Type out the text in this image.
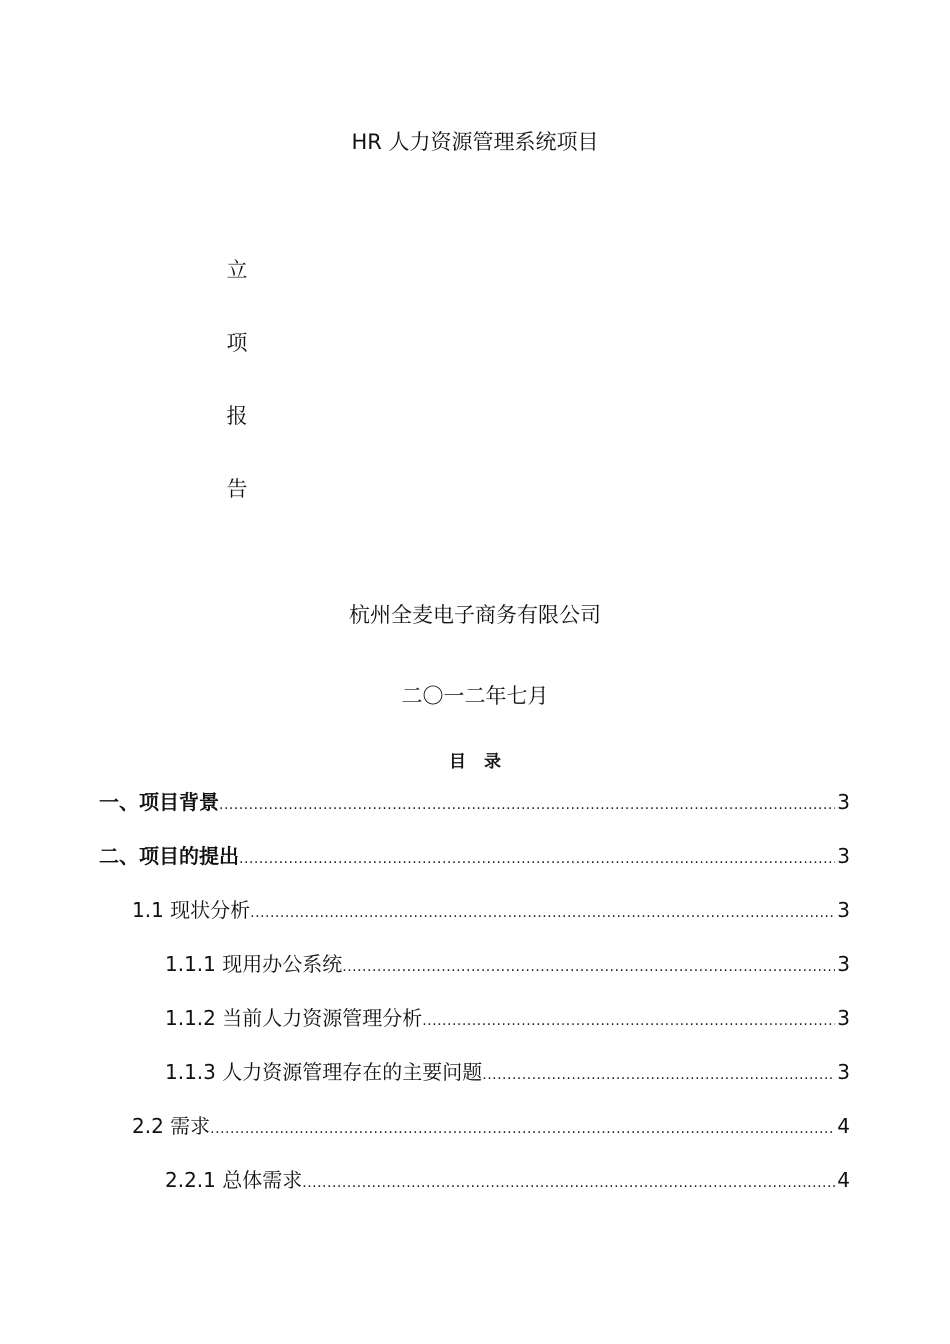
HR 人力资源管理系统项目
立
项
报
告
杭州全麦电子商务有限公司
二〇一二年七月
目录
一、项目背景 .....	3
二、项目的提出 .....	3
1.1 现状分析 .....	3
1.1.1 现用办公系统 .....	3
1.1.2 当前人力资源管理分析 .....	3
1.1.3 人力资源管理存在的主要问题 .....	3
2.2 需求 .....	4
2.2.1 总体需求 .....	4
